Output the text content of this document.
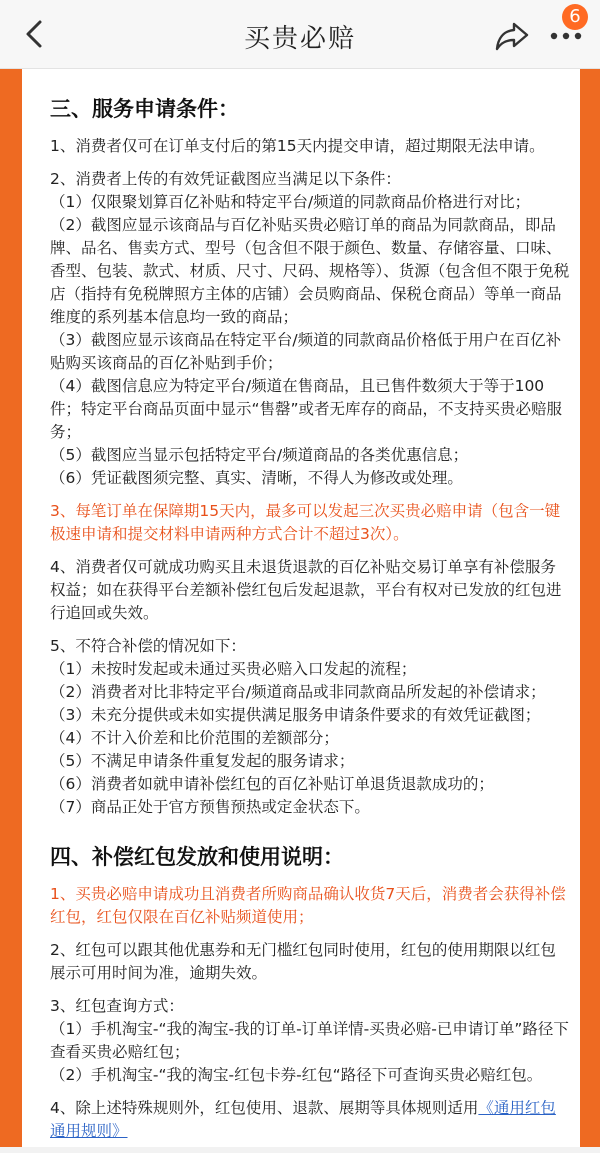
买贵必赔
6
三、服务申请条件：
1、消费者仅可在订单支付后的第15天内提交申请，超过期限无法申请。
2、消费者上传的有效凭证截图应当满足以下条件：
（1）仅限聚划算百亿补贴和特定平台/频道的同款商品价格进行对比；
（2）截图应显示该商品与百亿补贴买贵必赔订单的商品为同款商品，即品牌、品名、售卖方式、型号（包含但不限于颜色、数量、存储容量、口味、香型、包装、款式、材质、尺寸、尺码、规格等）、货源（包含但不限于免税店（指持有免税牌照方主体的店铺）会员购商品、保税仓商品）等单一商品维度的系列基本信息均一致的商品；
（3）截图应显示该商品在特定平台/频道的同款商品价格低于用户在百亿补贴购买该商品的百亿补贴到手价；
（4）截图信息应为特定平台/频道在售商品，且已售件数须大于等于100件；特定平台商品页面中显示“售罄”或者无库存的商品，不支持买贵必赔服务；
（5）截图应当显示包括特定平台/频道商品的各类优惠信息；
（6）凭证截图须完整、真实、清晰，不得人为修改或处理。
3、每笔订单在保障期15天内，最多可以发起三次买贵必赔申请（包含一键极速申请和提交材料申请两种方式合计不超过3次）。
4、消费者仅可就成功购买且未退货退款的百亿补贴交易订单享有补偿服务权益；如在获得平台差额补偿红包后发起退款，平台有权对已发放的红包进行追回或失效。
5、不符合补偿的情况如下：
（1）未按时发起或未通过买贵必赔入口发起的流程；
（2）消费者对比非特定平台/频道商品或非同款商品所发起的补偿请求；
（3）未充分提供或未如实提供满足服务申请条件要求的有效凭证截图；
（4）不计入价差和比价范围的差额部分；
（5）不满足申请条件重复发起的服务请求；
（6）消费者如就申请补偿红包的百亿补贴订单退货退款成功的；
（7）商品正处于官方预售预热或定金状态下。
四、补偿红包发放和使用说明：
1、买贵必赔申请成功且消费者所购商品确认收货7天后，消费者会获得补偿红包，红包仅限在百亿补贴频道使用；
2、红包可以跟其他优惠券和无门槛红包同时使用，红包的使用期限以红包展示可用时间为准，逾期失效。
3、红包查询方式：
（1）手机淘宝-“我的淘宝-我的订单-订单详情-买贵必赔-已申请订单”路径下查看买贵必赔红包；
（2）手机淘宝-“我的淘宝-红包卡券-红包“路径下可查询买贵必赔红包。
4、除上述特殊规则外，红包使用、退款、展期等具体规则适用《通用红包通用规则》
